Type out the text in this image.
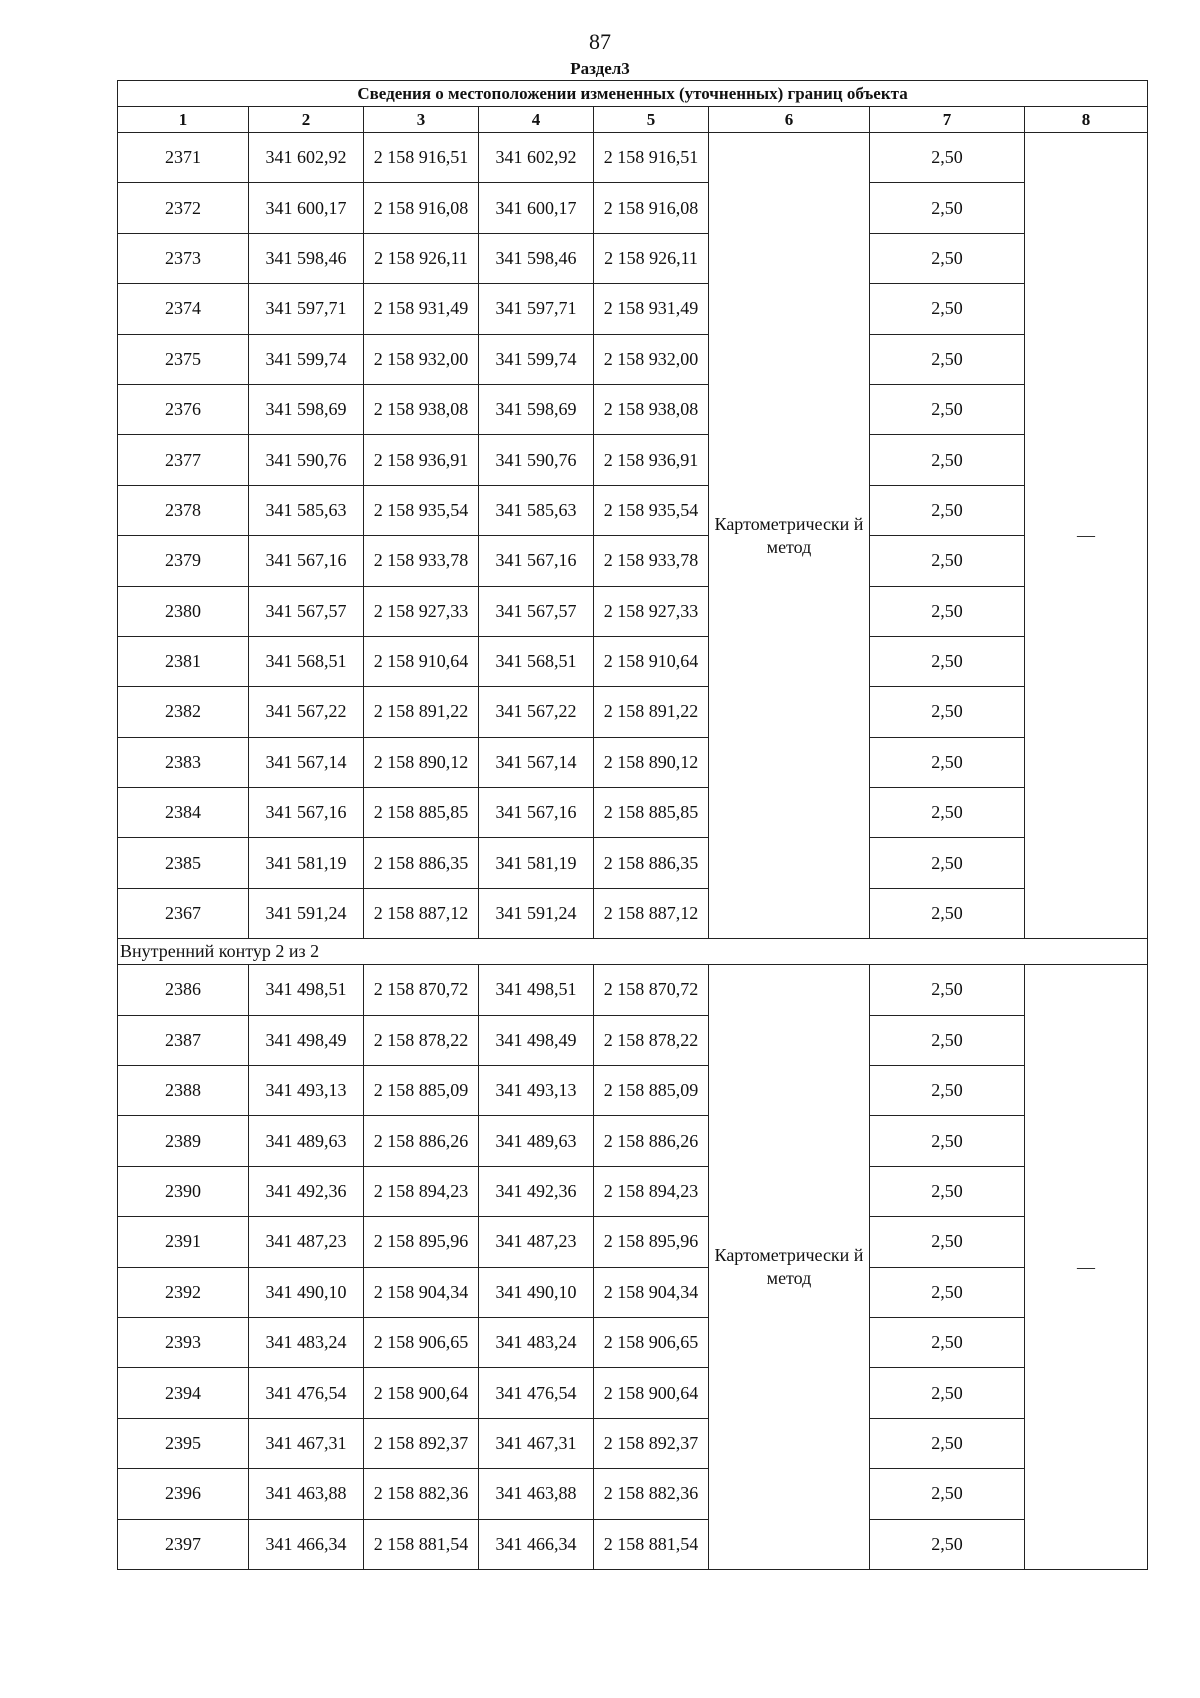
87
Раздел3
Сведения о местоположении измененных (уточненных) границ объекта							
1	2	3	4	5	6	7	8
2371	341 602,92	2 158 916,51	341 602,92	2 158 916,51	Картометрически й метод	2,50	—
2372	341 600,17	2 158 916,08	341 600,17	2 158 916,08		2,50	
2373	341 598,46	2 158 926,11	341 598,46	2 158 926,11		2,50	
2374	341 597,71	2 158 931,49	341 597,71	2 158 931,49		2,50	
2375	341 599,74	2 158 932,00	341 599,74	2 158 932,00		2,50	
2376	341 598,69	2 158 938,08	341 598,69	2 158 938,08		2,50	
2377	341 590,76	2 158 936,91	341 590,76	2 158 936,91		2,50	
2378	341 585,63	2 158 935,54	341 585,63	2 158 935,54		2,50	
2379	341 567,16	2 158 933,78	341 567,16	2 158 933,78		2,50	
2380	341 567,57	2 158 927,33	341 567,57	2 158 927,33		2,50	
2381	341 568,51	2 158 910,64	341 568,51	2 158 910,64		2,50	
2382	341 567,22	2 158 891,22	341 567,22	2 158 891,22		2,50	
2383	341 567,14	2 158 890,12	341 567,14	2 158 890,12		2,50	
2384	341 567,16	2 158 885,85	341 567,16	2 158 885,85		2,50	
2385	341 581,19	2 158 886,35	341 581,19	2 158 886,35		2,50	
2367	341 591,24	2 158 887,12	341 591,24	2 158 887,12		2,50	
Внутренний контур 2 из 2							
2386	341 498,51	2 158 870,72	341 498,51	2 158 870,72	Картометрически й метод	2,50	—
2387	341 498,49	2 158 878,22	341 498,49	2 158 878,22		2,50	
2388	341 493,13	2 158 885,09	341 493,13	2 158 885,09		2,50	
2389	341 489,63	2 158 886,26	341 489,63	2 158 886,26		2,50	
2390	341 492,36	2 158 894,23	341 492,36	2 158 894,23		2,50	
2391	341 487,23	2 158 895,96	341 487,23	2 158 895,96		2,50	
2392	341 490,10	2 158 904,34	341 490,10	2 158 904,34		2,50	
2393	341 483,24	2 158 906,65	341 483,24	2 158 906,65		2,50	
2394	341 476,54	2 158 900,64	341 476,54	2 158 900,64		2,50	
2395	341 467,31	2 158 892,37	341 467,31	2 158 892,37		2,50	
2396	341 463,88	2 158 882,36	341 463,88	2 158 882,36		2,50	
2397	341 466,34	2 158 881,54	341 466,34	2 158 881,54		2,50	
